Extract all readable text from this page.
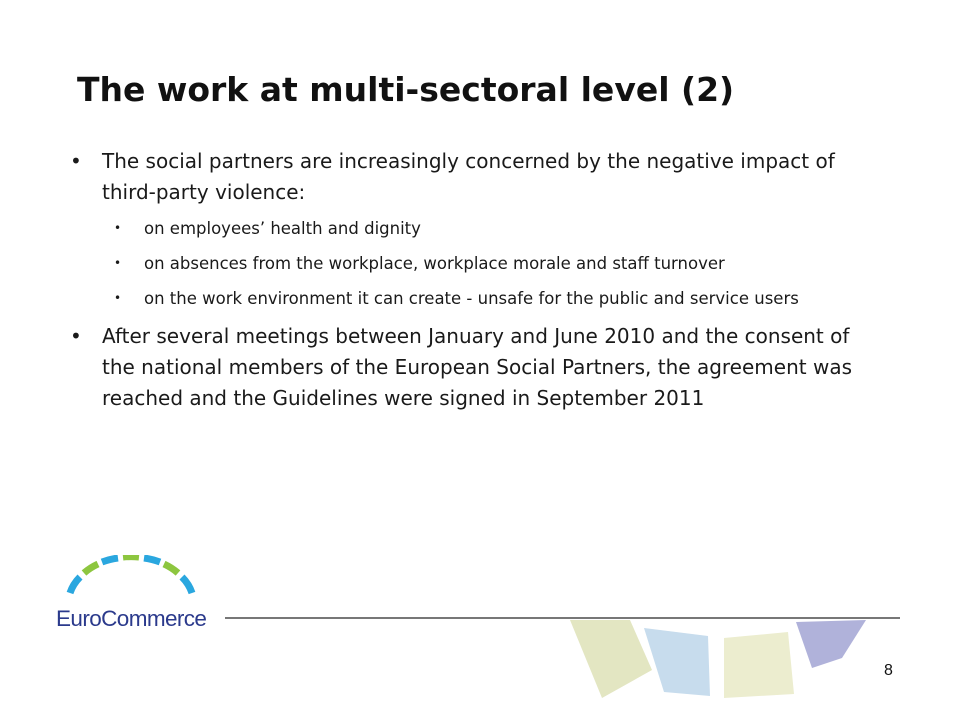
The work at multi-sectoral level (2)
• The social partners are increasingly concerned by the negative impact of third-party violence:
• on employees’ health and dignity
• on absences from the workplace, workplace morale and staff turnover
• on the work environment it can create - unsafe for the public and service users
• After several meetings between January and June 2010 and the consent of the national members of the European Social Partners, the agreement was reached and the Guidelines were signed in September 2011
EuroCommerce
8
